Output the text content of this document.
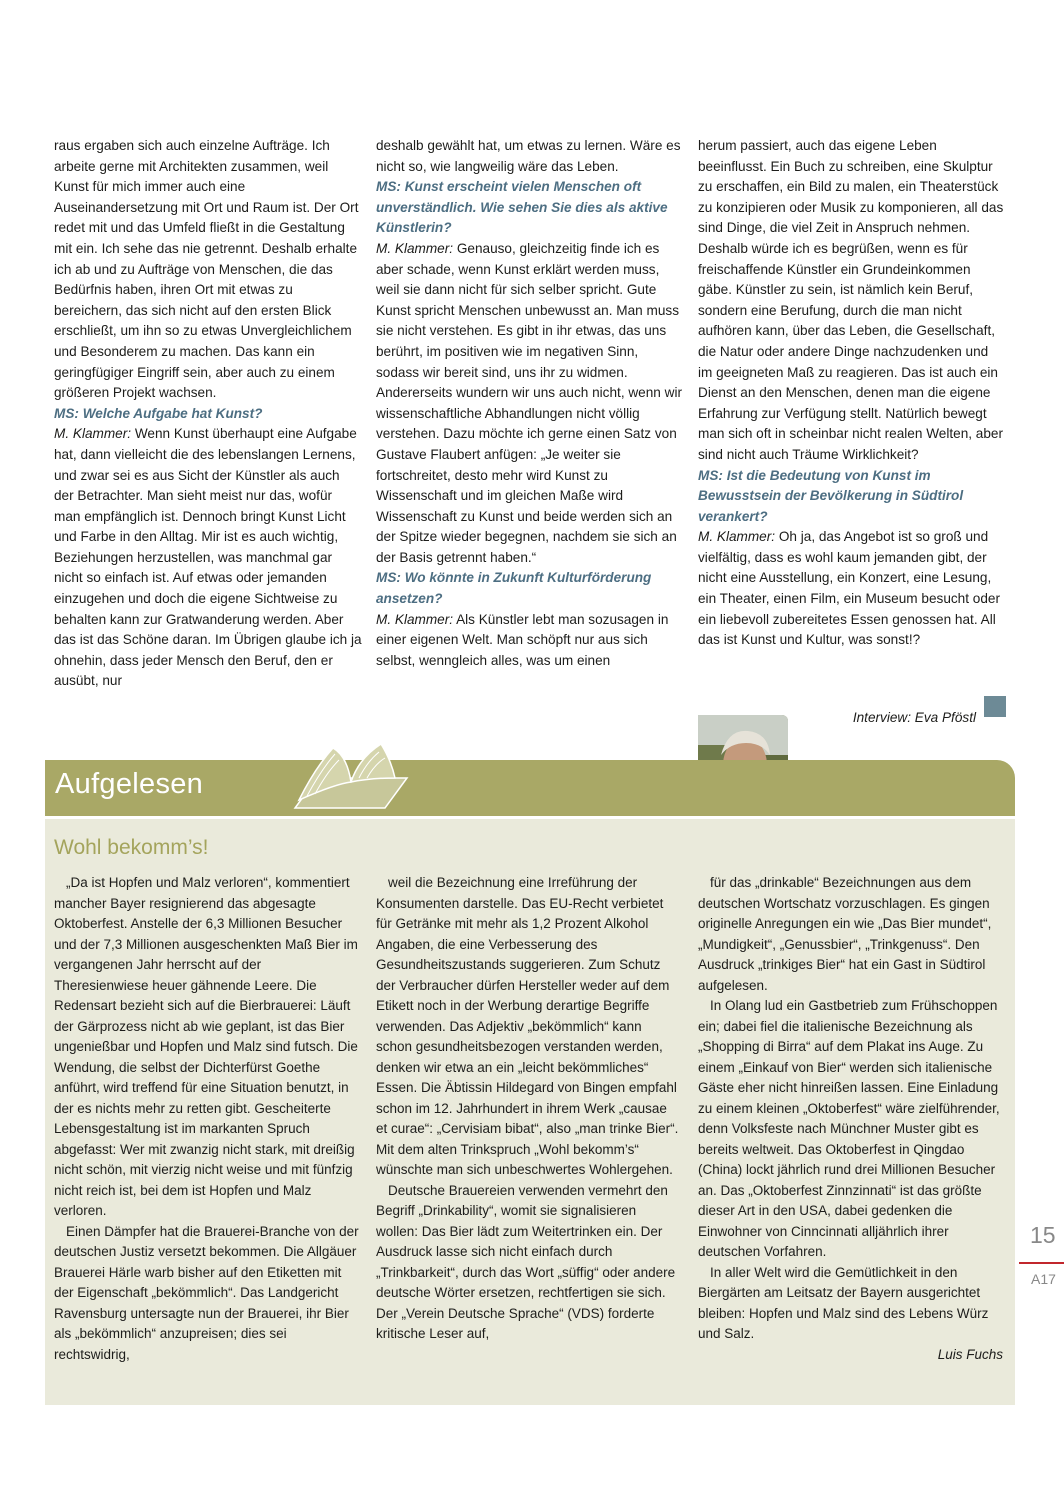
raus ergaben sich auch einzelne Aufträge. Ich arbeite gerne mit Architekten zusammen, weil Kunst für mich immer auch eine Auseinandersetzung mit Ort und Raum ist. Der Ort redet mit und das Umfeld fließt in die Gestaltung mit ein. Ich sehe das nie getrennt. Deshalb erhalte ich ab und zu Aufträge von Menschen, die das Bedürfnis haben, ihren Ort mit etwas zu bereichern, das sich nicht auf den ersten Blick erschließt, um ihn so zu etwas Unvergleichlichem und Besonderem zu machen. Das kann ein geringfügiger Eingriff sein, aber auch zu einem größeren Projekt wachsen.

MS: Welche Aufgabe hat Kunst?

M. Klammer: Wenn Kunst überhaupt eine Aufgabe hat, dann vielleicht die des lebenslangen Lernens, und zwar sei es aus Sicht der Künstler als auch der Betrachter. Man sieht meist nur das, wofür man empfänglich ist. Dennoch bringt Kunst Licht und Farbe in den Alltag. Mir ist es auch wichtig, Beziehungen herzustellen, was manchmal gar nicht so einfach ist. Auf etwas oder jemanden einzugehen und doch die eigene Sichtweise zu behalten kann zur Gratwanderung werden. Aber das ist das Schöne daran. Im Übrigen glaube ich ja ohnehin, dass jeder Mensch den Beruf, den er ausübt, nur

deshalb gewählt hat, um etwas zu lernen. Wäre es nicht so, wie langweilig wäre das Leben.

MS: Kunst erscheint vielen Menschen oft unverständlich. Wie sehen Sie dies als aktive Künstlerin?

M. Klammer: Genauso, gleichzeitig finde ich es aber schade, wenn Kunst erklärt werden muss, weil sie dann nicht für sich selber spricht. Gute Kunst spricht Menschen unbewusst an. Man muss sie nicht verstehen. Es gibt in ihr etwas, das uns berührt, im positiven wie im negativen Sinn, sodass wir bereit sind, uns ihr zu widmen. Andererseits wundern wir uns auch nicht, wenn wir wissenschaftliche Abhandlungen nicht völlig verstehen. Dazu möchte ich gerne einen Satz von Gustave Flaubert anfügen: „Je weiter sie fortschreitet, desto mehr wird Kunst zu Wissenschaft und im gleichen Maße wird Wissenschaft zu Kunst und beide werden sich an der Spitze wieder begegnen, nachdem sie sich an der Basis getrennt haben.“

MS: Wo könnte in Zukunft Kulturförderung ansetzen?

M. Klammer: Als Künstler lebt man sozusagen in einer eigenen Welt. Man schöpft nur aus sich selbst, wenngleich alles, was um einen

herum passiert, auch das eigene Leben beeinflusst. Ein Buch zu schreiben, eine Skulptur zu erschaffen, ein Bild zu malen, ein Theaterstück zu konzipieren oder Musik zu komponieren, all das sind Dinge, die viel Zeit in Anspruch nehmen. Deshalb würde ich es begrüßen, wenn es für freischaffende Künstler ein Grundeinkommen gäbe. Künstler zu sein, ist nämlich kein Beruf, sondern eine Berufung, durch die man nicht aufhören kann, über das Leben, die Gesellschaft, die Natur oder andere Dinge nachzudenken und im geeigneten Maß zu reagieren. Das ist auch ein Dienst an den Menschen, denen man die eigene Erfahrung zur Verfügung stellt. Natürlich bewegt man sich oft in scheinbar nicht realen Welten, aber sind nicht auch Träume Wirklichkeit?

MS: Ist die Bedeutung von Kunst im Bewusstsein der Bevölkerung in Südtirol verankert?

M. Klammer: Oh ja, das Angebot ist so groß und vielfältig, dass es wohl kaum jemanden gibt, der nicht eine Ausstellung, ein Konzert, eine Lesung, ein Theater, einen Film, ein Museum besucht oder ein liebevoll zubereitetes Essen genossen hat. All das ist Kunst und Kultur, was sonst!?

Interview: Eva Pföstl

Aufgelesen
Wohl bekomm’s!

„Da ist Hopfen und Malz verloren“, kommentiert mancher Bayer resignierend das abgesagte Oktoberfest. Anstelle der 6,3 Millionen Besucher und der 7,3 Millionen ausgeschenkten Maß Bier im vergangenen Jahr herrscht auf der Theresienwiese heuer gähnende Leere. Die Redensart bezieht sich auf die Bierbrauerei: Läuft der Gärprozess nicht ab wie geplant, ist das Bier ungenießbar und Hopfen und Malz sind futsch. Die Wendung, die selbst der Dichterfürst Goethe anführt, wird treffend für eine Situation benutzt, in der es nichts mehr zu retten gibt. Gescheiterte Lebensgestaltung ist im markanten Spruch abgefasst: Wer mit zwanzig nicht stark, mit dreißig nicht schön, mit vierzig nicht weise und mit fünfzig nicht reich ist, bei dem ist Hopfen und Malz verloren.

Einen Dämpfer hat die Brauerei-Branche von der deutschen Justiz versetzt bekommen. Die Allgäuer Brauerei Härle warb bisher auf den Etiketten mit der Eigenschaft „bekömmlich“. Das Landgericht Ravensburg untersagte nun der Brauerei, ihr Bier als „bekömmlich“ anzupreisen; dies sei rechtswidrig,

weil die Bezeichnung eine Irreführung der Konsumenten darstelle. Das EU-Recht verbietet für Getränke mit mehr als 1,2 Prozent Alkohol Angaben, die eine Verbesserung des Gesundheitszustands suggerieren. Zum Schutz der Verbraucher dürfen Hersteller weder auf dem Etikett noch in der Werbung derartige Begriffe verwenden. Das Adjektiv „bekömmlich“ kann schon gesundheitsbezogen verstanden werden, denken wir etwa an ein „leicht bekömmliches“ Essen. Die Äbtissin Hildegard von Bingen empfahl schon im 12. Jahrhundert in ihrem Werk „causae et curae“: „Cervisiam bibat“, also „man trinke Bier“. Mit dem alten Trinkspruch „Wohl bekomm’s“ wünschte man sich unbeschwertes Wohlergehen.

Deutsche Brauereien verwenden vermehrt den Begriff „Drinkability“, womit sie signalisieren wollen: Das Bier lädt zum Weitertrinken ein. Der Ausdruck lasse sich nicht einfach durch „Trinkbarkeit“, durch das Wort „süffig“ oder andere deutsche Wörter ersetzen, rechtfertigen sie sich. Der „Verein Deutsche Sprache“ (VDS) forderte kritische Leser auf,

für das „drinkable“ Bezeichnungen aus dem deutschen Wortschatz vorzuschlagen. Es gingen originelle Anregungen ein wie „Das Bier mundet“, „Mundigkeit“, „Genussbier“, „Trinkgenuss“. Den Ausdruck „trinkiges Bier“ hat ein Gast in Südtirol aufgelesen.

In Olang lud ein Gastbetrieb zum Frühschoppen ein; dabei fiel die italienische Bezeichnung als „Shopping di Birra“ auf dem Plakat ins Auge. Zu einem „Einkauf von Bier“ werden sich italienische Gäste eher nicht hinreißen lassen. Eine Einladung zu einem kleinen „Oktoberfest“ wäre zielführender, denn Volksfeste nach Münchner Muster gibt es bereits weltweit. Das Oktoberfest in Qingdao (China) lockt jährlich rund drei Millionen Besucher an. Das „Oktoberfest Zinnzinnati“ ist das größte dieser Art in den USA, dabei gedenken die Einwohner von Cinncinnati alljährlich ihrer deutschen Vorfahren.

In aller Welt wird die Gemütlichkeit in den Biergärten am Leitsatz der Bayern ausgerichtet bleiben: Hopfen und Malz sind des Lebens Würz und Salz.

Luis Fuchs

15
A17
